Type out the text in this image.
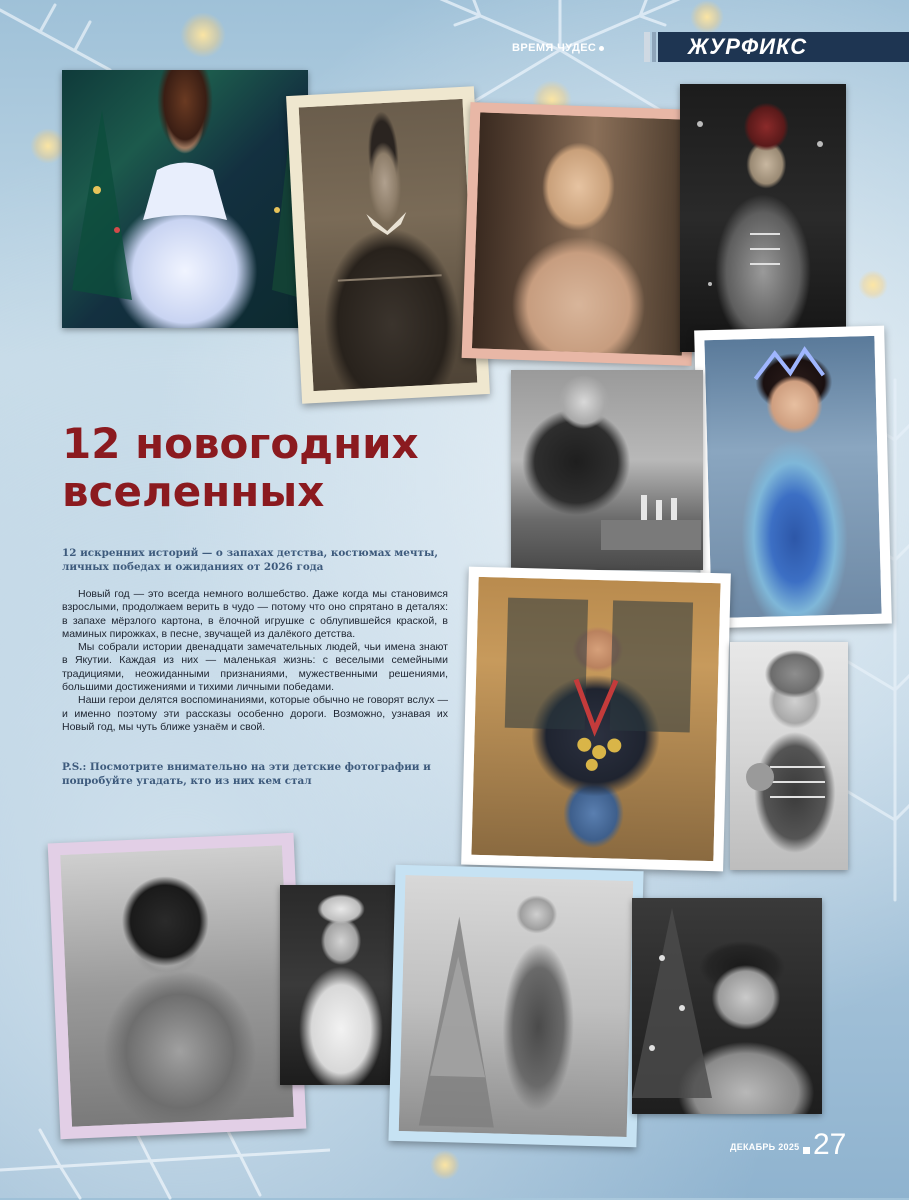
ВРЕМЯ ЧУДЕС	ЖУРФИКС
12 новогодних
вселенных

12 искренних историй — о запахах детства, костюмах мечты, личных победах и ожиданиях от 2026 года

Новый год — это всегда немного волшебство. Даже когда мы становимся взрослыми, продолжаем верить в чудо — потому что оно спрятано в деталях: в запахе мёрзлого картона, в ёлочной игрушке с облупившейся краской, в маминых пирожках, в песне, звучащей из далёкого детства.

Мы собрали истории двенадцати замечательных людей, чьи имена знают в Якутии. Каждая из них — маленькая жизнь: с веселыми семейными традициями, неожиданными признаниями, мужественными решениями, большими достижениями и тихими личными победами.

Наши герои делятся воспоминаниями, которые обычно не говорят вслух — и именно поэтому эти рассказы особенно дороги. Возможно, узнавая их Новый год, мы чуть ближе узнаём и свой.

P.S.: Посмотрите внимательно на эти детские фотографии и попробуйте угадать, кто из них кем стал

ДЕКАБРЬ 2025 27
